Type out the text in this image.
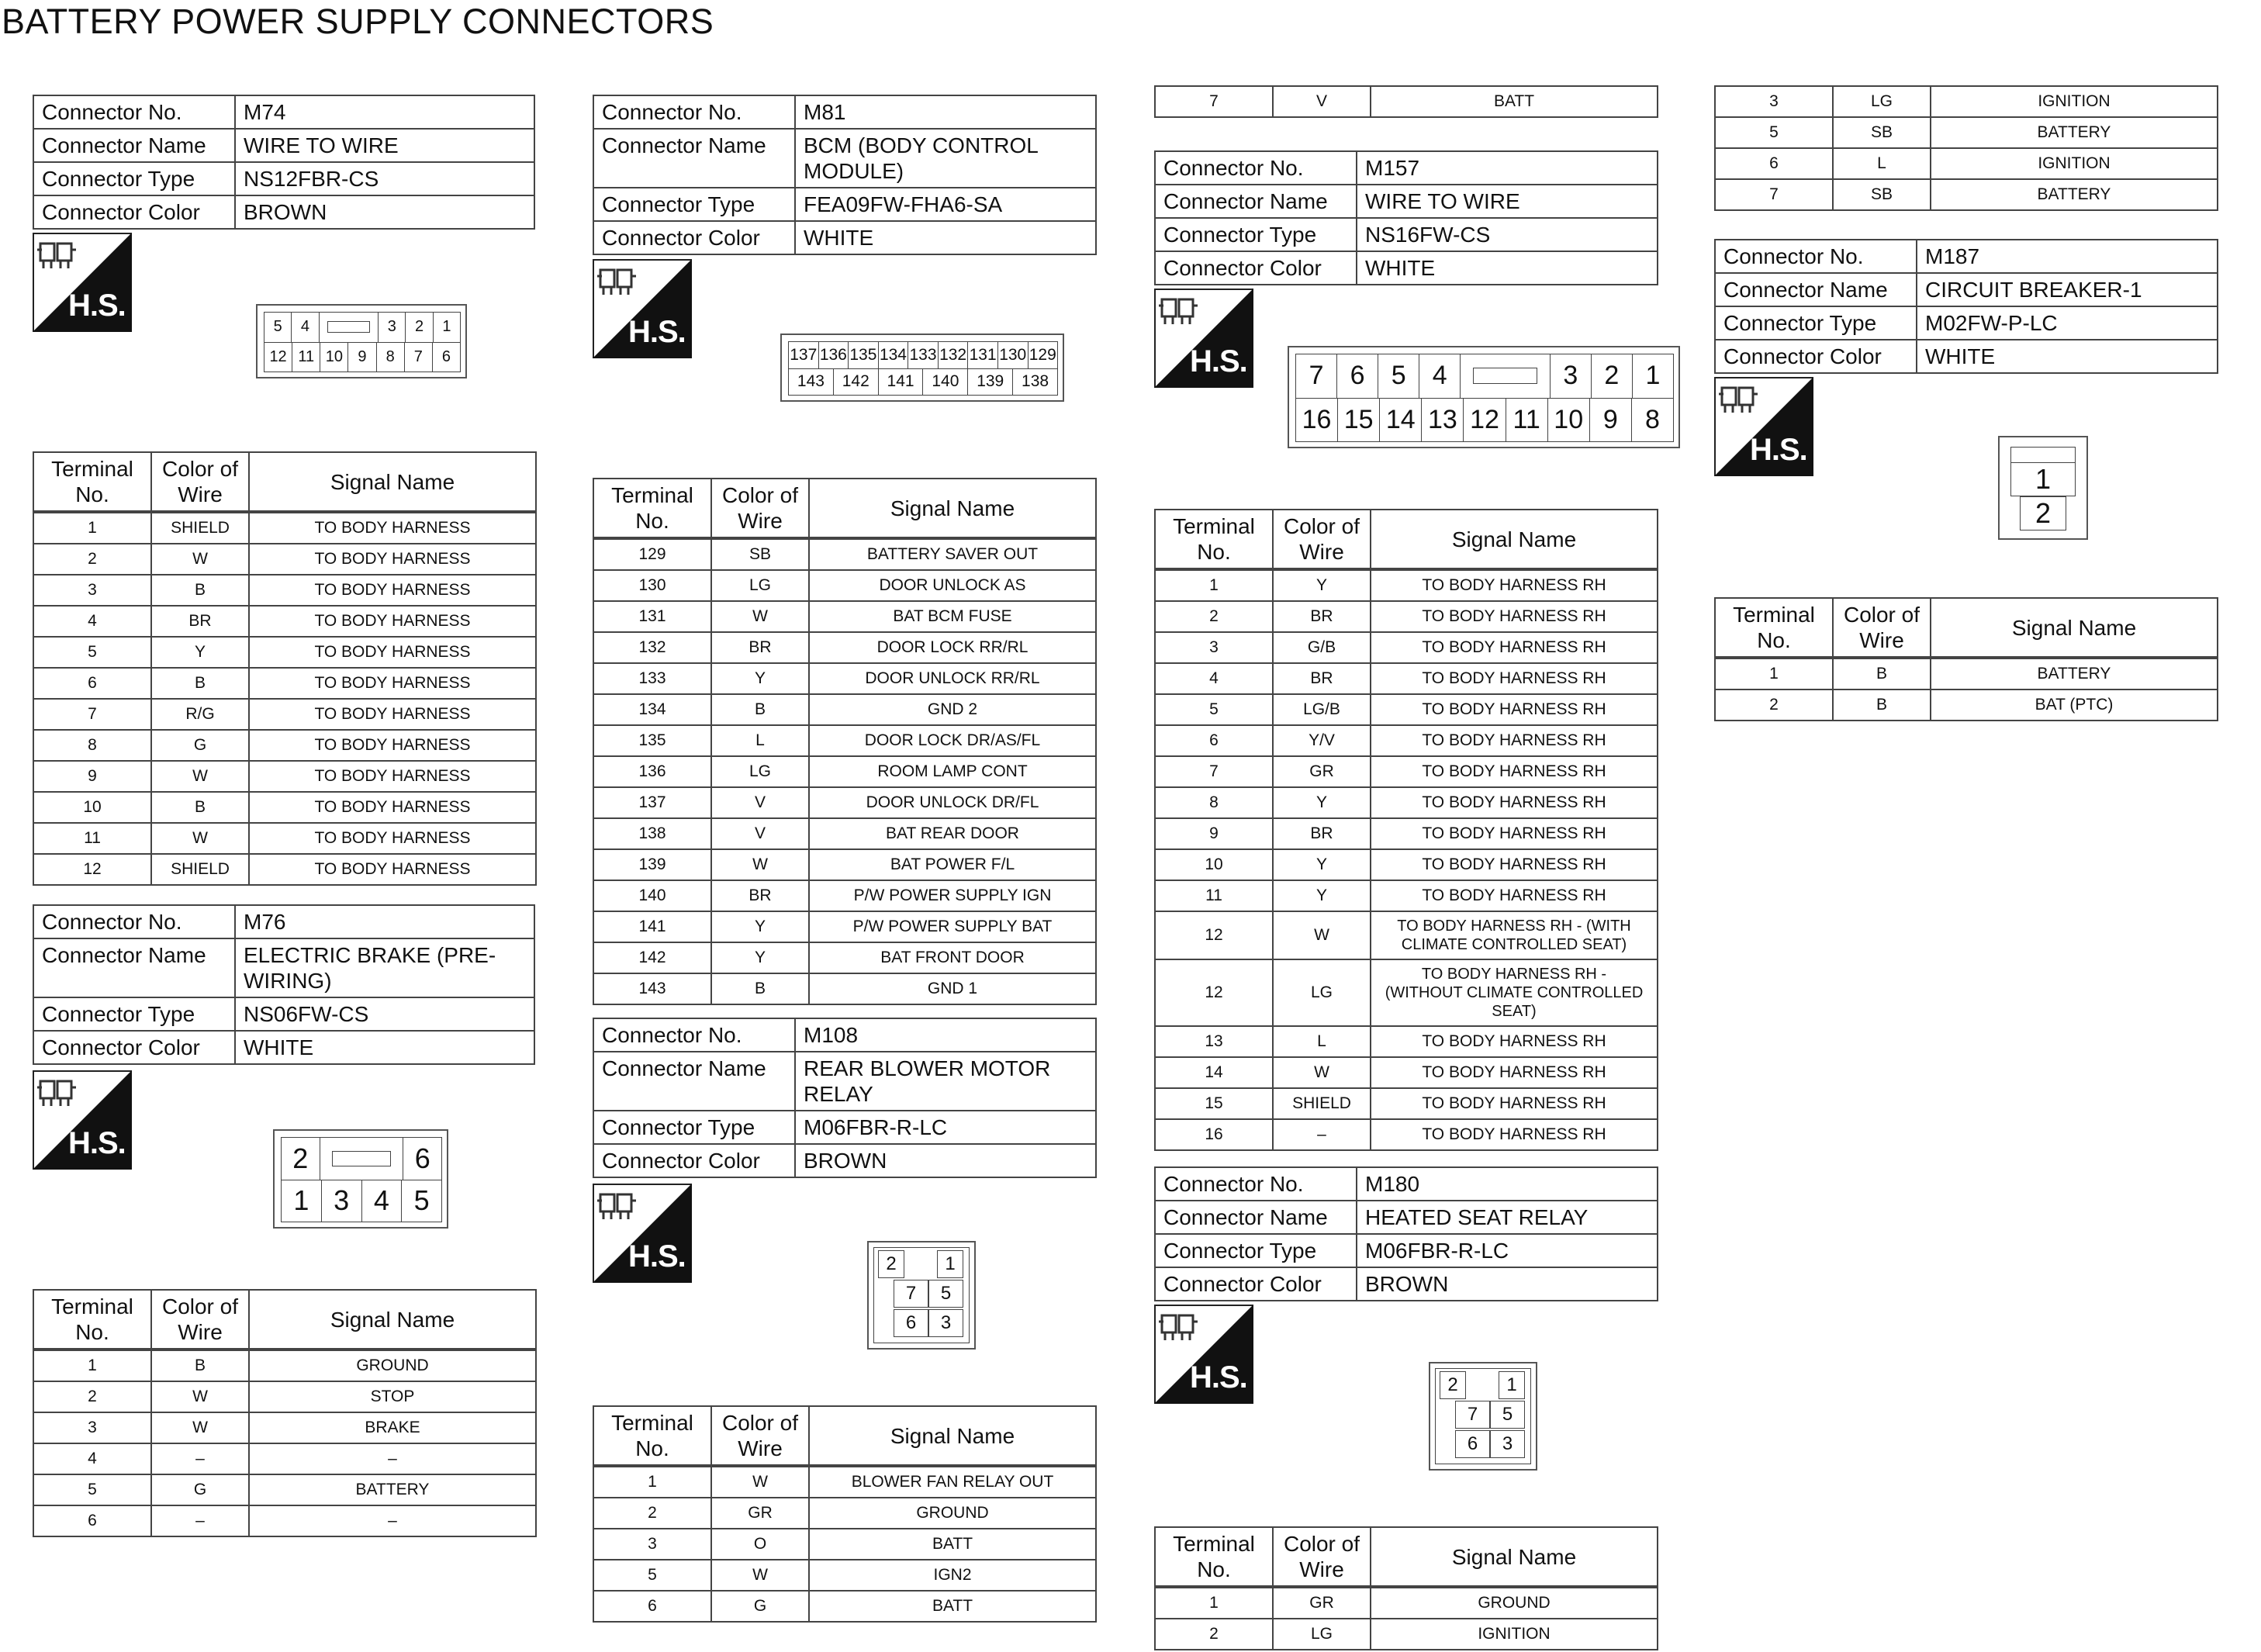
BATTERY POWER SUPPLY CONNECTORS
Connector No.	M74
Connector Name	WIRE TO WIRE
Connector Type	NS12FBR-CS
Connector Color	BROWN
H.S.
5	4	3	2	1
12 11 10 9	8	7	6
Terminal No.	Color of Wire	Signal Name
1	SHIELD	TO BODY HARNESS
2	W	TO BODY HARNESS
3	B	TO BODY HARNESS
4	BR	TO BODY HARNESS
5	Y	TO BODY HARNESS
6	B	TO BODY HARNESS
7	R/G	TO BODY HARNESS
8	G	TO BODY HARNESS
9	W	TO BODY HARNESS
10	B	TO BODY HARNESS
11	W	TO BODY HARNESS
12	SHIELD	TO BODY HARNESS
Connector No.	M76
Connector Name	ELECTRIC BRAKE (PRE-WIRING)
Connector Type	NS06FW-CS
Connector Color	WHITE
H.S.	2	6
1 3 4 5
Terminal No.	Color of Wire	Signal Name
1	B	GROUND
2	W	STOP
3	W	BRAKE
4	–	–
5	G	BATTERY
6	–	–
Connector No.	M81
Connector Name	BCM (BODY CONTROL MODULE)
Connector Type	FEA09FW-FHA6-SA
Connector Color	WHITE
H.S.
137 136 135 134 133 132 131 130 129
143	142	141	140	139	138
Terminal No.	Color of Wire	Signal Name
129	SB	BATTERY SAVER OUT
130	LG	DOOR UNLOCK AS
131	W	BAT BCM FUSE
132	BR	DOOR LOCK RR/RL
133	Y	DOOR UNLOCK RR/RL
134	B	GND 2
135	L	DOOR LOCK DR/AS/FL
136	LG	ROOM LAMP CONT
137	V	DOOR UNLOCK DR/FL
138	V	BAT REAR DOOR
139	W	BAT POWER F/L
140	BR	P/W POWER SUPPLY IGN
141	Y	P/W POWER SUPPLY BAT
142	Y	BAT FRONT DOOR
143	B	GND 1
Connector No.	M108
Connector Name	REAR BLOWER MOTOR RELAY
Connector Type	M06FBR-R-LC
Connector Color	BROWN
H.S.	2	1
7	5
6	3
Terminal No.	Color of Wire	Signal Name
1	W	BLOWER FAN RELAY OUT
2	GR	GROUND
3	O	BATT
5	W	IGN2
6	G	BATT
7	V	BATT
Connector No.	M157
Connector Name	WIRE TO WIRE
Connector Type	NS16FW-CS
Connector Color	WHITE
H.S.	7	6	5	4	3	2	1
16 15 14 13 12 11 10 9	8
Terminal No.	Color of Wire	Signal Name
1	Y	TO BODY HARNESS RH
2	BR	TO BODY HARNESS RH
3	G/B	TO BODY HARNESS RH
4	BR	TO BODY HARNESS RH
5	LG/B	TO BODY HARNESS RH
6	Y/V	TO BODY HARNESS RH
7	GR	TO BODY HARNESS RH
8	Y	TO BODY HARNESS RH
9	BR	TO BODY HARNESS RH
10	Y	TO BODY HARNESS RH
11	Y	TO BODY HARNESS RH
12	W	TO BODY HARNESS RH - (WITH CLIMATE CONTROLLED SEAT)
12	LG	TO BODY HARNESS RH - (WITHOUT CLIMATE CONTROLLED SEAT)
13	L	TO BODY HARNESS RH
14	W	TO BODY HARNESS RH
15	SHIELD	TO BODY HARNESS RH
16	–	TO BODY HARNESS RH
Connector No.	M180
Connector Name	HEATED SEAT RELAY
Connector Type	M06FBR-R-LC
Connector Color	BROWN
H.S.	2	1
7	5
6	3
Terminal No.	Color of Wire	Signal Name
1	GR	GROUND
2	LG	IGNITION
3	LG	IGNITION
5	SB	BATTERY
6	L	IGNITION
7	SB	BATTERY
Connector No.	M187
Connector Name	CIRCUIT BREAKER-1
Connector Type	M02FW-P-LC
Connector Color	WHITE
H.S.
1
2
Terminal No.	Color of Wire	Signal Name
1	B	BATTERY
2	B	BAT (PTC)
